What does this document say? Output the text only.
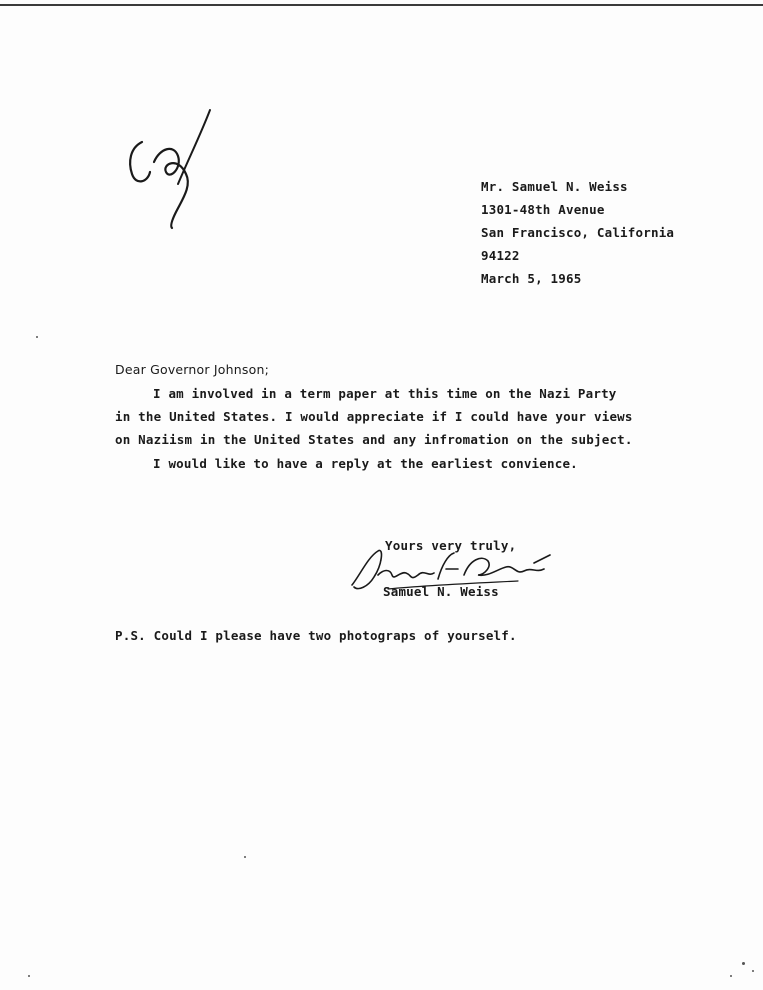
Mr. Samuel N. Weiss
1301-48th Avenue
San Francisco, California
94122
March 5, 1965
Dear Governor Johnson;
I am involved in a term paper at this time on the Nazi Party
in the United States. I would appreciate if I could have your views
on Naziism in the United States and any infromation on the subject.
I would like to have a reply at the earliest convience.
Yours very truly,
Samuel N. Weiss
P.S. Could I please have two photograps of yourself.
